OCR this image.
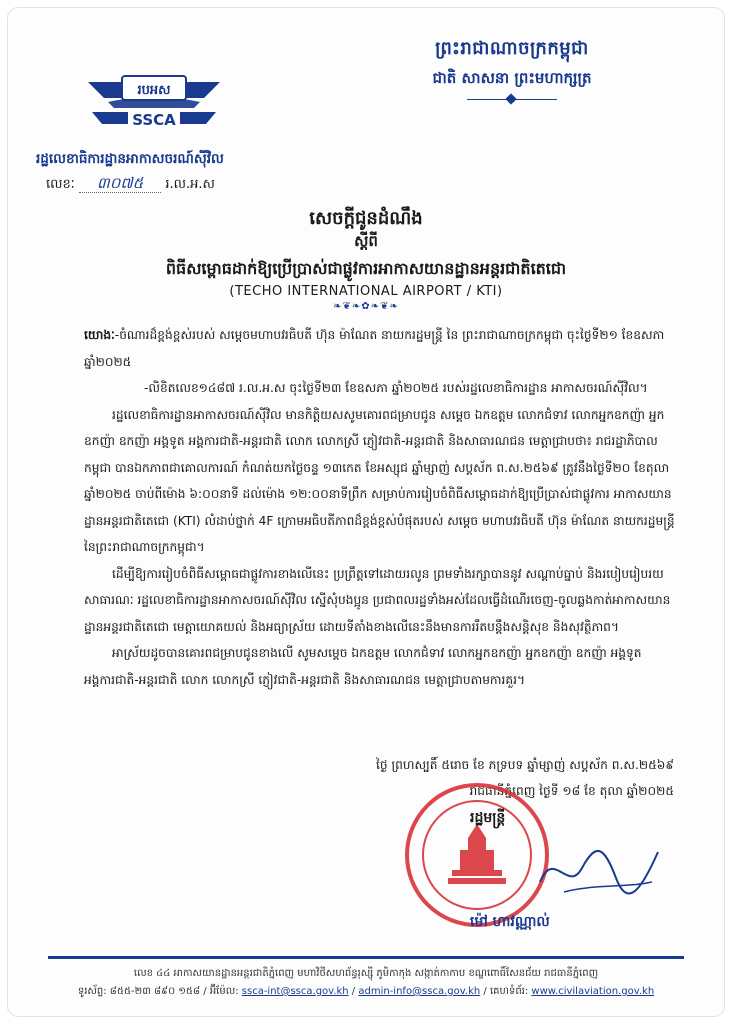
ព្រះរាជាណាចក្រកម្ពុជា
ជាតិ សាសនា ព្រះមហាក្សត្រ
របអស
SSCA
រដ្ឋលេខាធិការដ្ឋានអាកាសចរណ៍ស៊ីវិល
លេខៈ ៣០៧៥ រ.ល.អ.ស
សេចក្ដីជូនដំណឹង
ស្ដីពី
ពិធីសម្ពោធដាក់ឱ្យប្រើប្រាស់ជាផ្លូវការអាកាសយានដ្ឋានអន្តរជាតិតេជោ
(TECHO INTERNATIONAL AIRPORT / KTI)
❧❦❧✿❧❦❧

យោងៈ-ចំណារដ៏ខ្ពង់ខ្ពស់របស់ សម្ដេចមហាបវរធិបតី ហ៊ុន ម៉ាណែត នាយករដ្ឋមន្ត្រី នៃ ព្រះរាជាណាចក្រកម្ពុជា ចុះថ្ងៃទី២១ ខែឧសភា ឆ្នាំ២០២៥

-លិខិតលេខ១៤៨៧ រ.ល.អ.ស ចុះថ្ងៃទី២៣ ខែឧសភា ឆ្នាំ២០២៥ របស់រដ្ឋលេខាធិការដ្ឋាន អាកាសចរណ៍ស៊ីវិល។

រដ្ឋលេខាធិការដ្ឋានអាកាសចរណ៍ស៊ីវិល មានកិត្តិយសសូមគោរពជម្រាបជូន សម្ដេច ឯកឧត្តម លោកជំទាវ លោកអ្នកឧកញ៉ា អ្នកឧកញ៉ា ឧកញ៉ា អង្គទូត អង្គការជាតិ-អន្តរជាតិ លោក លោកស្រី ភ្ញៀវជាតិ-អន្តរជាតិ និងសាធារណជន មេត្តាជ្រាបថា៖ រាជរដ្ឋាភិបាលកម្ពុជា បានឯកភាពជាគោលការណ៍ កំណត់យកថ្ងៃចន្ទ ១៣កេត ខែអស្សុជ ឆ្នាំម្សាញ់ សប្តស័ក ព.ស.២៥៦៩ ត្រូវនឹងថ្ងៃទី២០ ខែតុលា ឆ្នាំ២០២៥ ចាប់ពីម៉ោង ៦:០០នាទី ដល់ម៉ោង ១២:០០នាទីព្រឹក សម្រាប់ការរៀបចំពិធីសម្ពោធដាក់ឱ្យប្រើប្រាស់ជាផ្លូវការ អាកាសយានដ្ឋានអន្តរជាតិតេជោ (KTI) លំដាប់ថ្នាក់ 4F ក្រោមអធិបតីភាពដ៏ខ្ពង់ខ្ពស់បំផុតរបស់ សម្ដេច មហាបវរធិបតី ហ៊ុន ម៉ាណែត នាយករដ្ឋមន្ត្រី នៃព្រះរាជាណាចក្រកម្ពុជា។

ដើម្បីឱ្យការរៀបចំពិធីសម្ពោធជាផ្លូវការខាងលើនេះ ប្រព្រឹត្តទៅដោយរលូន ព្រមទាំងរក្សាបាននូវ សណ្ដាប់ធ្នាប់ និងរបៀបរៀបរយសាធារណៈ រដ្ឋលេខាធិការដ្ឋានអាកាសចរណ៍ស៊ីវិល ស្នើសុំបងប្អូន ប្រជាពលរដ្ឋទាំងអស់ដែលធ្វើដំណើរចេញ-ចូលឆ្លងកាត់អាកាសយានដ្ឋានអន្តរជាតិតេជោ មេត្តាយោគយល់ និងអធ្យាស្រ័យ ដោយទីតាំងខាងលើនេះនឹងមានការរឹតបន្តឹងសន្តិសុខ និងសុវត្ថិភាព។

អាស្រ័យដូចបានគោរពជម្រាបជូនខាងលើ សូមសម្ដេច ឯកឧត្តម លោកជំទាវ លោកអ្នកឧកញ៉ា អ្នកឧកញ៉ា ឧកញ៉ា អង្គទូត អង្គការជាតិ-អន្តរជាតិ លោក លោកស្រី ភ្ញៀវជាតិ-អន្តរជាតិ និងសាធារណជន មេត្តាជ្រាបតាមការគួរ។

ថ្ងៃ ព្រហស្បតិ៍ ៥រោច ខែ ភទ្របទ ឆ្នាំម្សាញ់ សប្តស័ក ព.ស.២៥៦៩
រាជធានីភ្នំពេញ ថ្ងៃទី ១៨ ខែ តុលា ឆ្នាំ២០២៥
រដ្ឋមន្ត្រី
ម៉ៅ ហាវណ្ណាល់
លេខ ៤៤ អាកាសយានដ្ឋានអន្តរជាតិភ្នំពេញ មហាវិថីសហព័ន្ធរុស្ស៊ី ភូមិកាកុង សង្កាត់កាកាប ខណ្ឌពោធិ៍សែនជ័យ រាជធានីភ្នំពេញ
ទូរស័ព្ទ: ៨៥៥-២៣ ៨៩០ ១៥៨ / អ៊ីម៉ែល: ssca-int@ssca.gov.kh / admin-info@ssca.gov.kh / គេហទំព័រ: www.civilaviation.gov.kh
